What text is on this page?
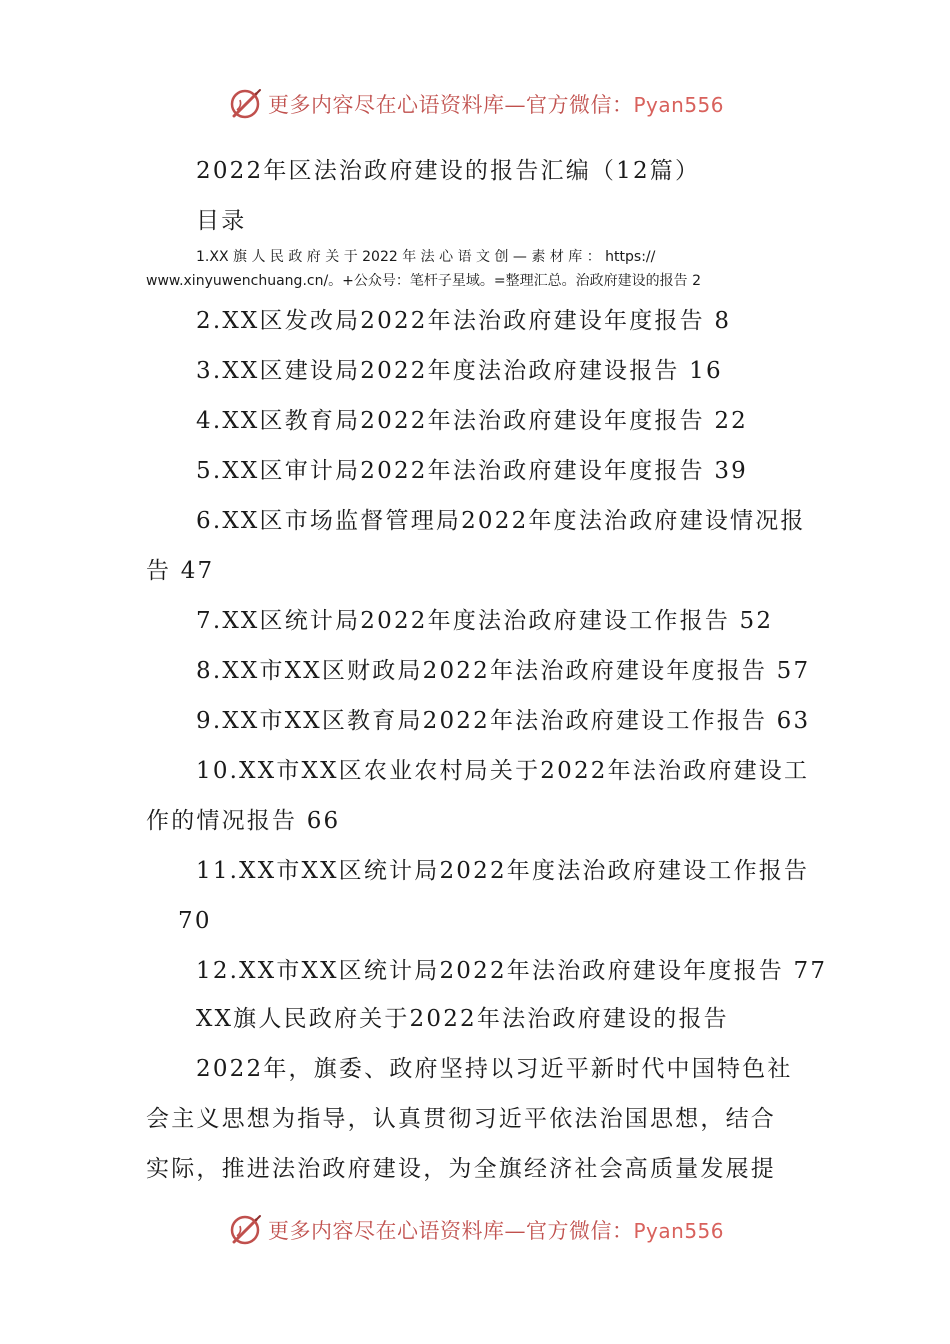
更多内容尽在心语资料库—官方微信：Pyan556
2022年区法治政府建设的报告汇编（12篇）
目录
1.XX 旗 人 民 政 府 关 于 2022 年 法 心 语 文 创 — 素 材 库 ： https://
www.xinyuwenchuang.cn/。+公众号：笔杆子星域。=整理汇总。治政府建设的报告 2
2.XX区发改局2022年法治政府建设年度报告 8
3.XX区建设局2022年度法治政府建设报告 16
4.XX区教育局2022年法治政府建设年度报告 22
5.XX区审计局2022年法治政府建设年度报告 39
6.XX区市场监督管理局2022年度法治政府建设情况报
告 47
7.XX区统计局2022年度法治政府建设工作报告 52
8.XX市XX区财政局2022年法治政府建设年度报告 57
9.XX市XX区教育局2022年法治政府建设工作报告 63
10.XX市XX区农业农村局关于2022年法治政府建设工
作的情况报告 66
11.XX市XX区统计局2022年度法治政府建设工作报告
70
12.XX市XX区统计局2022年法治政府建设年度报告 77
XX旗人民政府关于2022年法治政府建设的报告
2022年，旗委、政府坚持以习近平新时代中国特色社
会主义思想为指导，认真贯彻习近平依法治国思想，结合
实际，推进法治政府建设，为全旗经济社会高质量发展提
更多内容尽在心语资料库—官方微信：Pyan556
